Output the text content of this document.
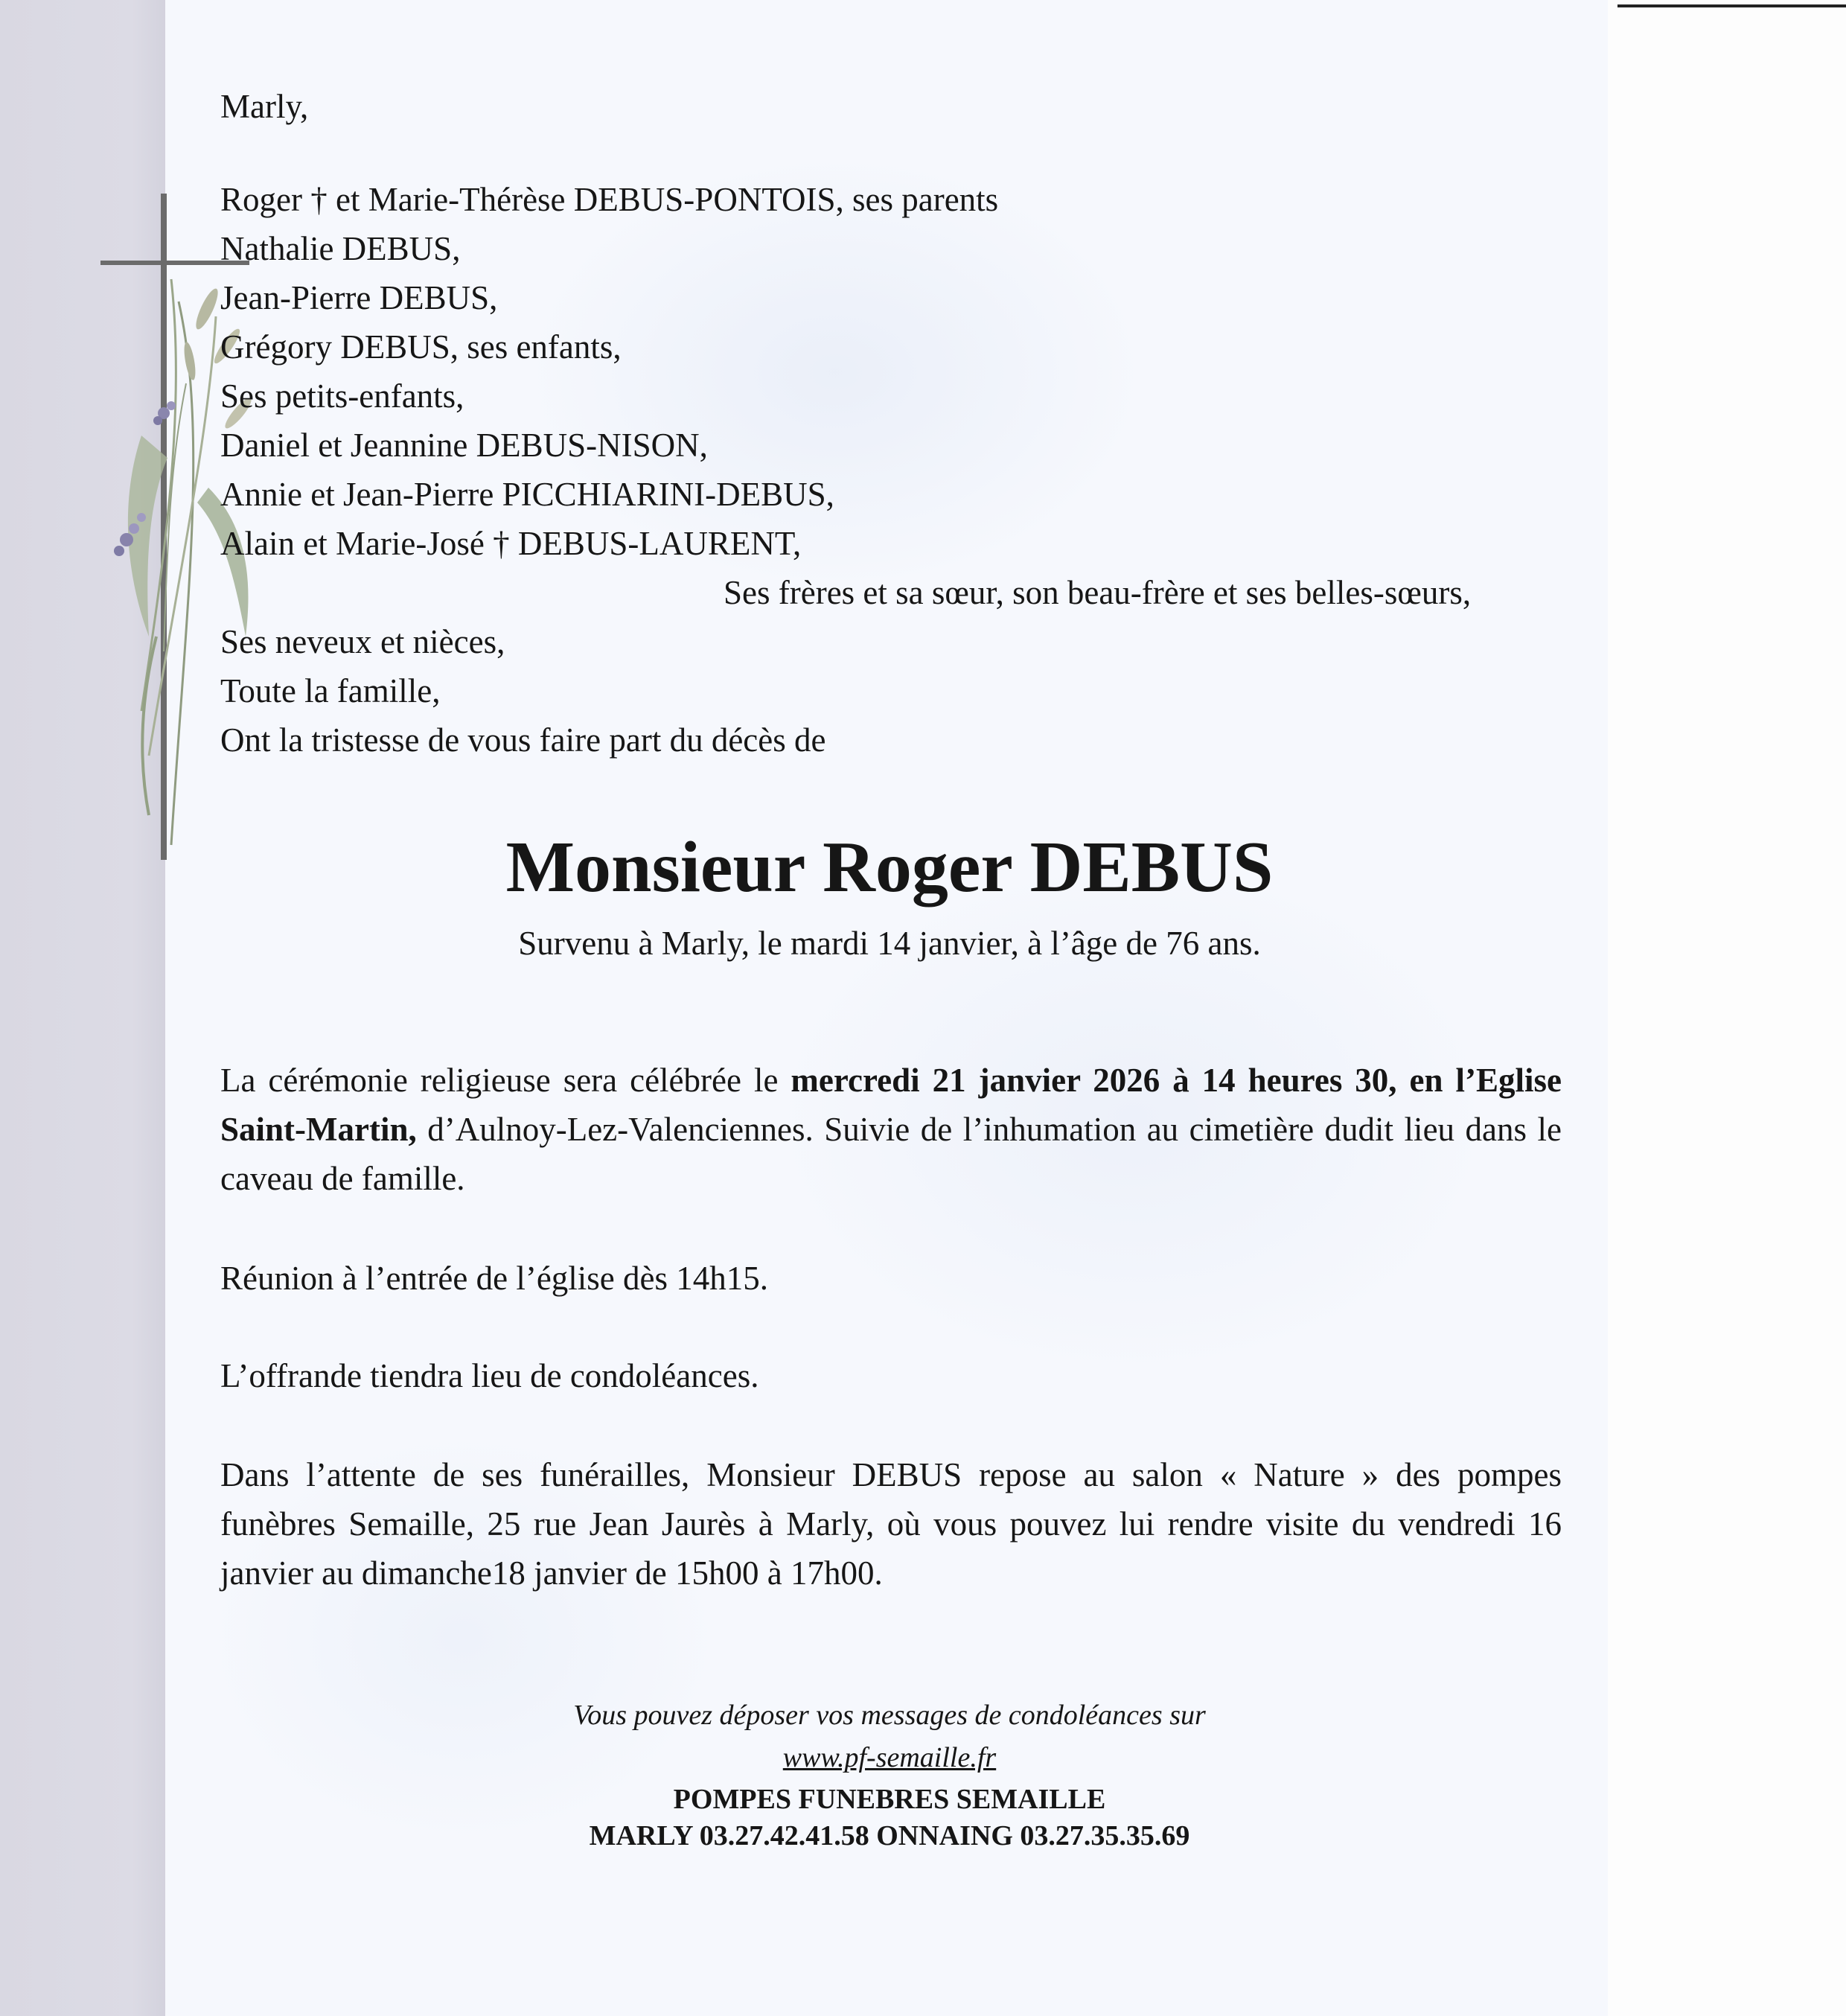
Marly,
Roger † et Marie-Thérèse DEBUS-PONTOIS, ses parents
Nathalie DEBUS,
Jean-Pierre DEBUS,
Grégory DEBUS, ses enfants,
Ses petits-enfants,
Daniel et Jeannine DEBUS-NISON,
Annie et Jean-Pierre PICCHIARINI-DEBUS,
Alain et Marie-José † DEBUS-LAURENT,
Ses frères et sa sœur, son beau-frère et ses belles-sœurs,
Ses neveux et nièces,
Toute la famille,
Ont la tristesse de vous faire part du décès de
Monsieur Roger DEBUS
Survenu à Marly, le mardi 14 janvier, à l’âge de 76 ans.
La cérémonie religieuse sera célébrée le mercredi 21 janvier 2026 à 14 heures 30, en l’Eglise Saint-Martin, d’Aulnoy-Lez-Valenciennes. Suivie de l’inhumation au cimetière dudit lieu dans le caveau de famille.
Réunion à l’entrée de l’église dès 14h15.
L’offrande tiendra lieu de condoléances.
Dans l’attente de ses funérailles, Monsieur DEBUS repose au salon « Nature » des pompes funèbres Semaille, 25 rue Jean Jaurès à Marly, où vous pouvez lui rendre visite du vendredi 16 janvier au dimanche18 janvier de 15h00 à 17h00.
Vous pouvez déposer vos messages de condoléances sur
www.pf-semaille.fr
POMPES FUNEBRES SEMAILLE
MARLY 03.27.42.41.58 ONNAING 03.27.35.35.69
